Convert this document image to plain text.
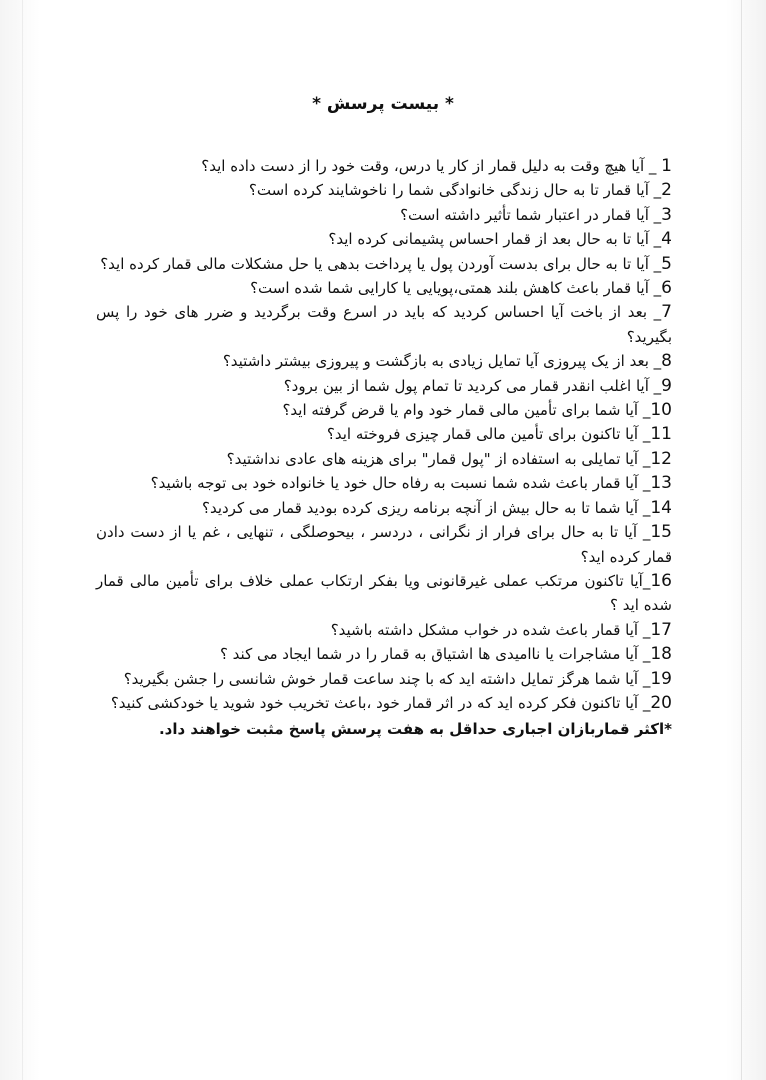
* بیست پرسش *

1 _ آیا هیچ وقت به دلیل قمار از کار یا درس، وقت خود را از دست داده اید؟

2_ آیا قمار تا به حال زندگی خانوادگی شما را ناخوشایند کرده است؟

3_ آیا قمار در اعتبار شما تأثیر داشته است؟

4_ آیا تا به حال بعد از قمار احساس پشیمانی کرده اید؟

5_ آیا تا به حال برای بدست آوردن پول یا پرداخت بدهی یا حل مشکلات مالی قمار کرده اید؟

6_ آیا قمار باعث کاهش بلند همتی،پویایی یا کارایی شما شده است؟

7_ بعد از باخت آیا احساس کردید که باید در اسرع وقت برگردید و ضرر های خود را پس بگیرید؟

8_ بعد از یک پیروزی آیا تمایل زیادی به بازگشت و پیروزی بیشتر داشتید؟

9_ آیا اغلب انقدر قمار می کردید تا تمام پول شما از بین برود؟

10_ آیا شما برای تأمین مالی قمار خود وام یا قرض گرفته اید؟

11_ آیا تاکنون برای تأمین مالی قمار چیزی فروخته اید؟

12_ آیا تمایلی به استفاده از "پول قمار" برای هزینه های عادی نداشتید؟

13_ آیا قمار باعث شده شما نسبت به رفاه حال خود یا خانواده خود بی توجه باشید؟

14_ آیا شما تا به حال بیش از آنچه برنامه ریزی کرده بودید قمار می کردید؟

15_ آیا تا به حال برای فرار از نگرانی ، دردسر ، بیحوصلگی ، تنهایی ، غم یا از دست دادن قمار کرده اید؟

16_آیا تاکنون مرتکب عملی غیرقانونی ویا بفکر ارتکاب عملی خلاف برای تأمین مالی قمار شده اید ؟

17_ آیا قمار باعث شده در خواب مشکل داشته باشید؟

18_ آیا مشاجرات یا ناامیدی ها اشتیاق به قمار را در شما ایجاد می کند ؟

19_ آیا شما هرگز تمایل داشته اید که با چند ساعت قمار خوش شانسی را جشن بگیرید؟

20_ آیا تاکنون فکر کرده اید که در اثر قمار خود ،باعث تخریب خود شوید یا خودکشی کنید؟

*اکثر قماربازان اجباری حداقل به هفت پرسش پاسخ مثبت خواهند داد.
